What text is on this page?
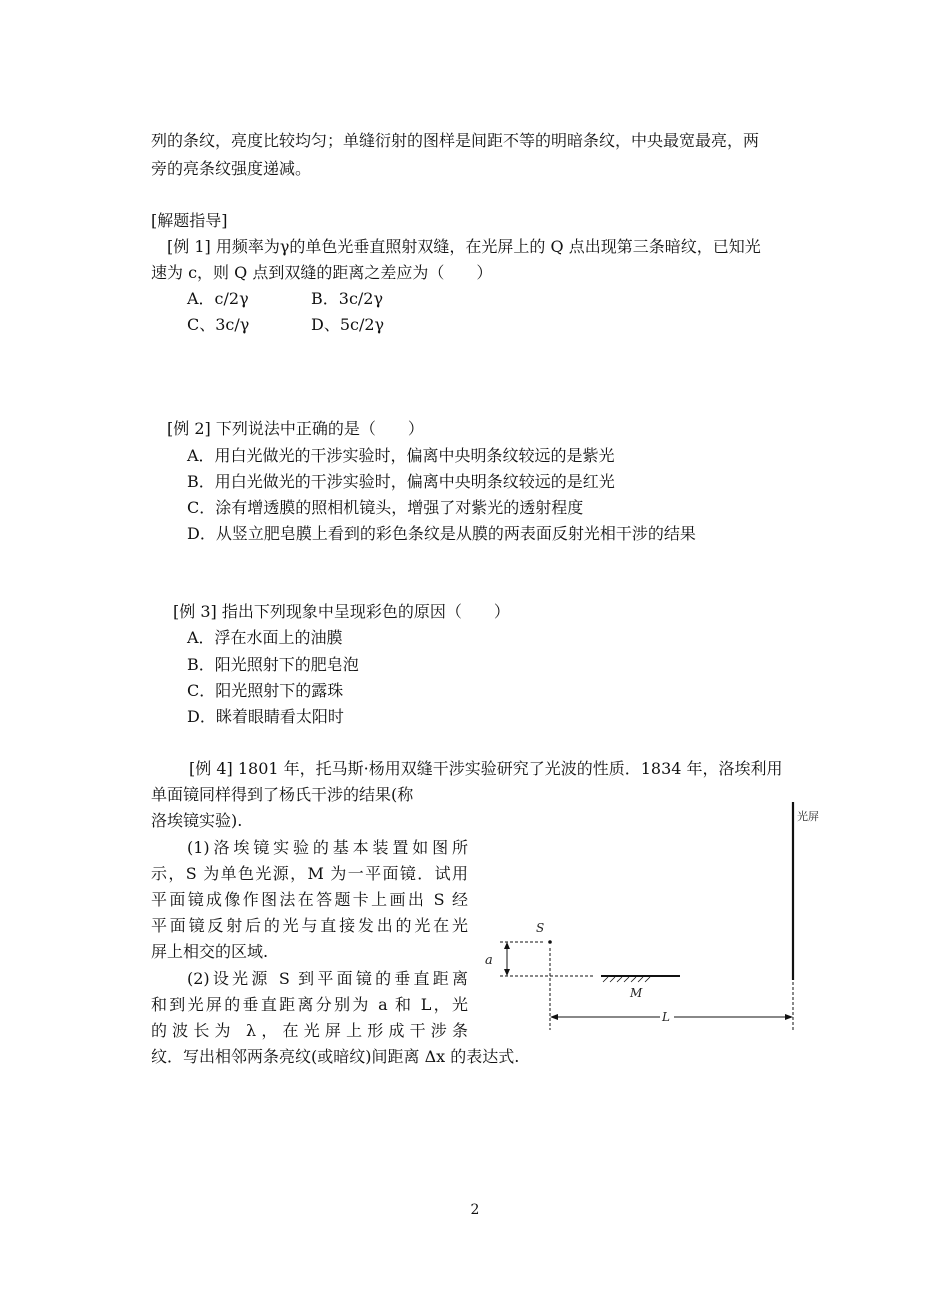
列的条纹，亮度比较均匀；单缝衍射的图样是间距不等的明暗条纹，中央最宽最亮，两
旁的亮条纹强度递减。
[解题指导]
[例 1] 用频率为γ的单色光垂直照射双缝，在光屏上的 Q 点出现第三条暗纹，已知光
速为 c，则 Q 点到双缝的距离之差应为（　　）
A．c/2γ	B．3c/2γ
C、3c/γ	D、5c/2γ
[例 2] 下列说法中正确的是（　　）
A．用白光做光的干涉实验时，偏离中央明条纹较远的是紫光
B．用白光做光的干涉实验时，偏离中央明条纹较远的是红光
C．涂有增透膜的照相机镜头，增强了对紫光的透射程度
D．从竖立肥皂膜上看到的彩色条纹是从膜的两表面反射光相干涉的结果
[例 3] 指出下列现象中呈现彩色的原因（　　）
A．浮在水面上的油膜
B．阳光照射下的肥皂泡
C．阳光照射下的露珠
D．眯着眼睛看太阳时
[例 4] 1801 年，托马斯·杨用双缝干涉实验研究了光波的性质．1834 年，洛埃利用
单面镜同样得到了杨氏干涉的结果(称
洛埃镜实验).
(1)洛埃镜实验的基本装置如图所
示，S 为单色光源，M 为一平面镜．试用
平面镜成像作图法在答题卡上画出 S 经
平面镜反射后的光与直接发出的光在光
屏上相交的区域.
(2)设光源 S 到平面镜的垂直距离
和到光屏的垂直距离分别为 a 和 L，光
的波长为 λ，在光屏上形成干涉条
纹．写出相邻两条亮纹(或暗纹)间距离 Δx 的表达式.
光屏
S
a
M
L
2
